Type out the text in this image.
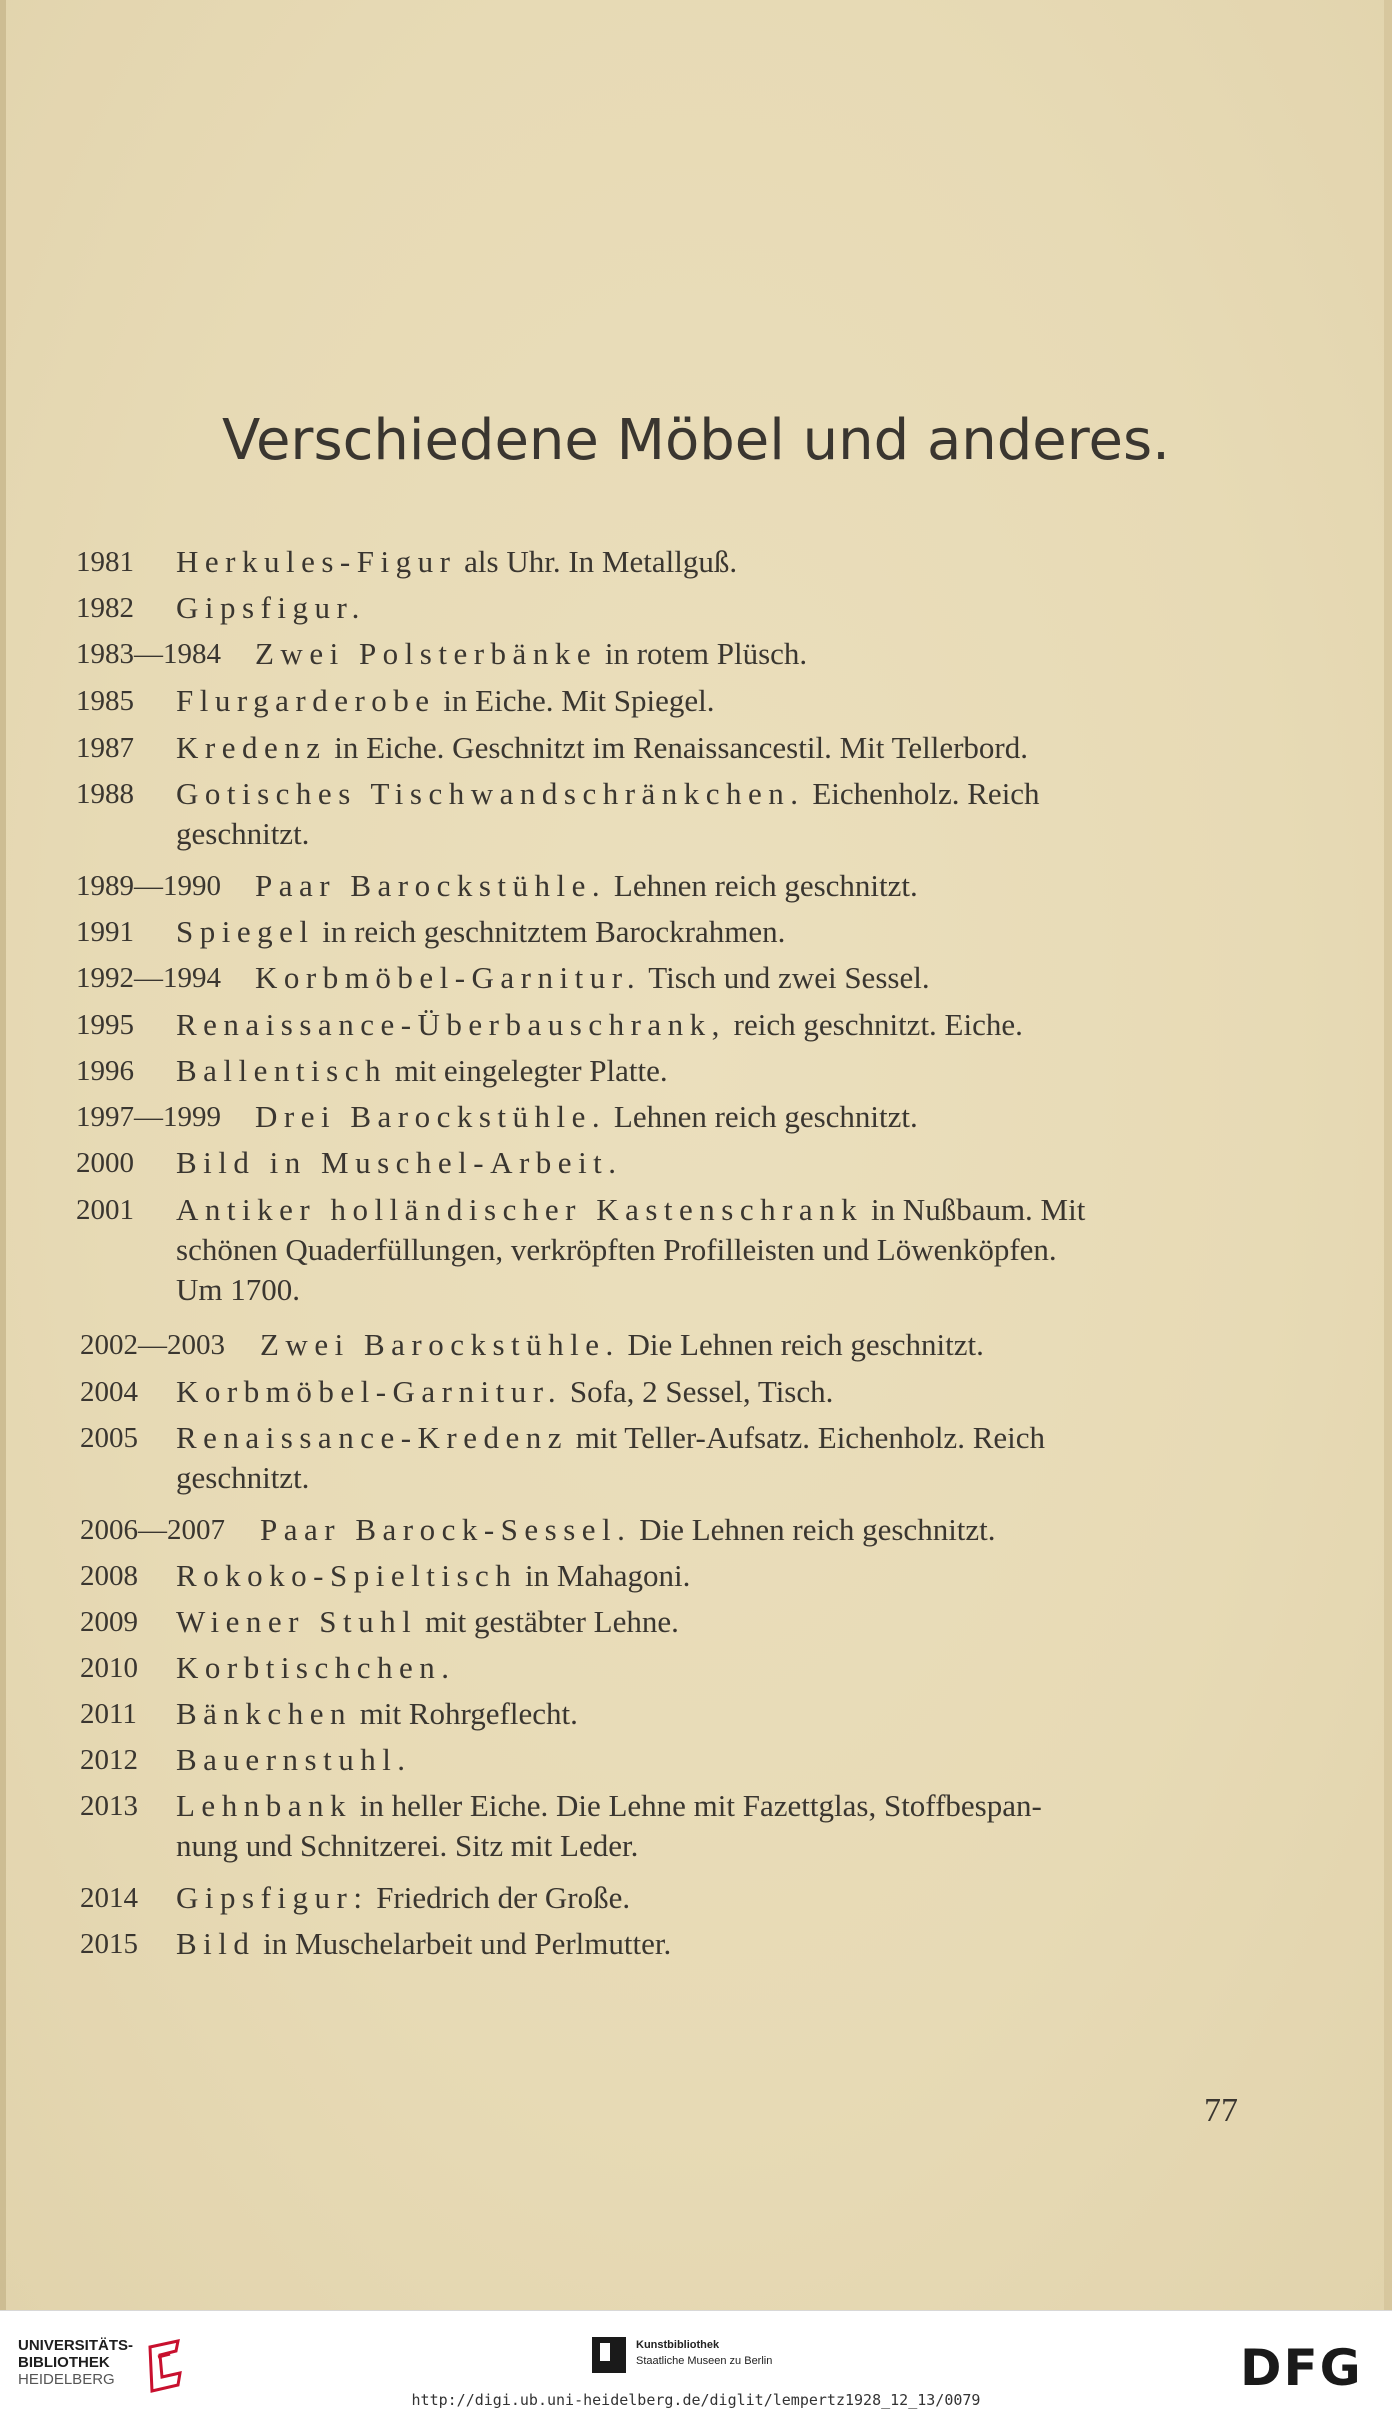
Verschiedene Möbel und anderes.
1981 Herkules-Figur als Uhr. In Metallguß.
1982 Gipsfigur.
1983—1984 Zwei Polsterbänke in rotem Plüsch.
1985 Flurgarderobe in Eiche. Mit Spiegel.
1987 Kredenz in Eiche. Geschnitzt im Renaissancestil. Mit Tellerbord.
1988 Gotisches Tischwandschränkchen. Eichenholz. Reich
geschnitzt.
1989—1990 Paar Barockstühle. Lehnen reich geschnitzt.
1991 Spiegel in reich geschnitztem Barockrahmen.
1992—1994 Korbmöbel-Garnitur. Tisch und zwei Sessel.
1995 Renaissance-Überbauschrank, reich geschnitzt. Eiche.
1996 Ballentisch mit eingelegter Platte.
1997—1999 Drei Barockstühle. Lehnen reich geschnitzt.
2000 Bild in Muschel-Arbeit.
2001 Antiker holländischer Kastenschrank in Nußbaum. Mit
schönen Quaderfüllungen, verkröpften Profilleisten und Löwenköpfen.
Um 1700.
2002—2003 Zwei Barockstühle. Die Lehnen reich geschnitzt.
2004 Korbmöbel-Garnitur. Sofa, 2 Sessel, Tisch.
2005 Renaissance-Kredenz mit Teller-Aufsatz. Eichenholz. Reich
geschnitzt.
2006—2007 Paar Barock-Sessel. Die Lehnen reich geschnitzt.
2008 Rokoko-Spieltisch in Mahagoni.
2009 Wiener Stuhl mit gestäbter Lehne.
2010 Korbtischchen.
2011 Bänkchen mit Rohrgeflecht.
2012 Bauernstuhl.
2013 Lehnbank in heller Eiche. Die Lehne mit Fazettglas, Stoffbespan-
nung und Schnitzerei. Sitz mit Leder.
2014 Gipsfigur: Friedrich der Große.
2015 Bild in Muschelarbeit und Perlmutter.
77
UNIVERSITÄTS-
BIBLIOTHEK
HEIDELBERG
Kunstbibliothek
Staatliche Museen zu Berlin	DFG
http://digi.ub.uni-heidelberg.de/diglit/lempertz1928_12_13/0079
